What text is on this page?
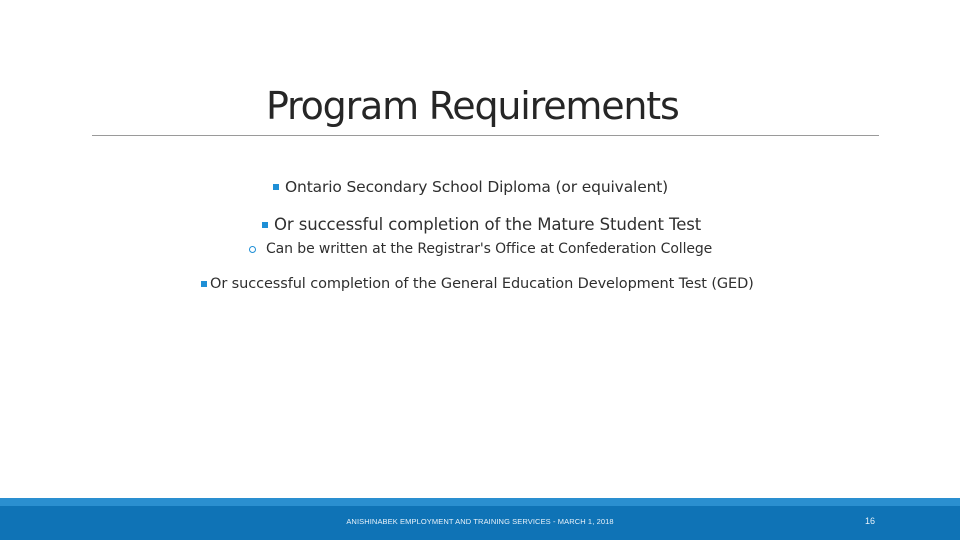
Program Requirements
Ontario Secondary School Diploma (or equivalent)
Or successful completion of the Mature Student Test
Can be written at the Registrar's Office at Confederation College
Or successful completion of the General Education Development Test (GED)
ANISHINABEK EMPLOYMENT AND TRAINING SERVICES - MARCH 1, 2018	16
